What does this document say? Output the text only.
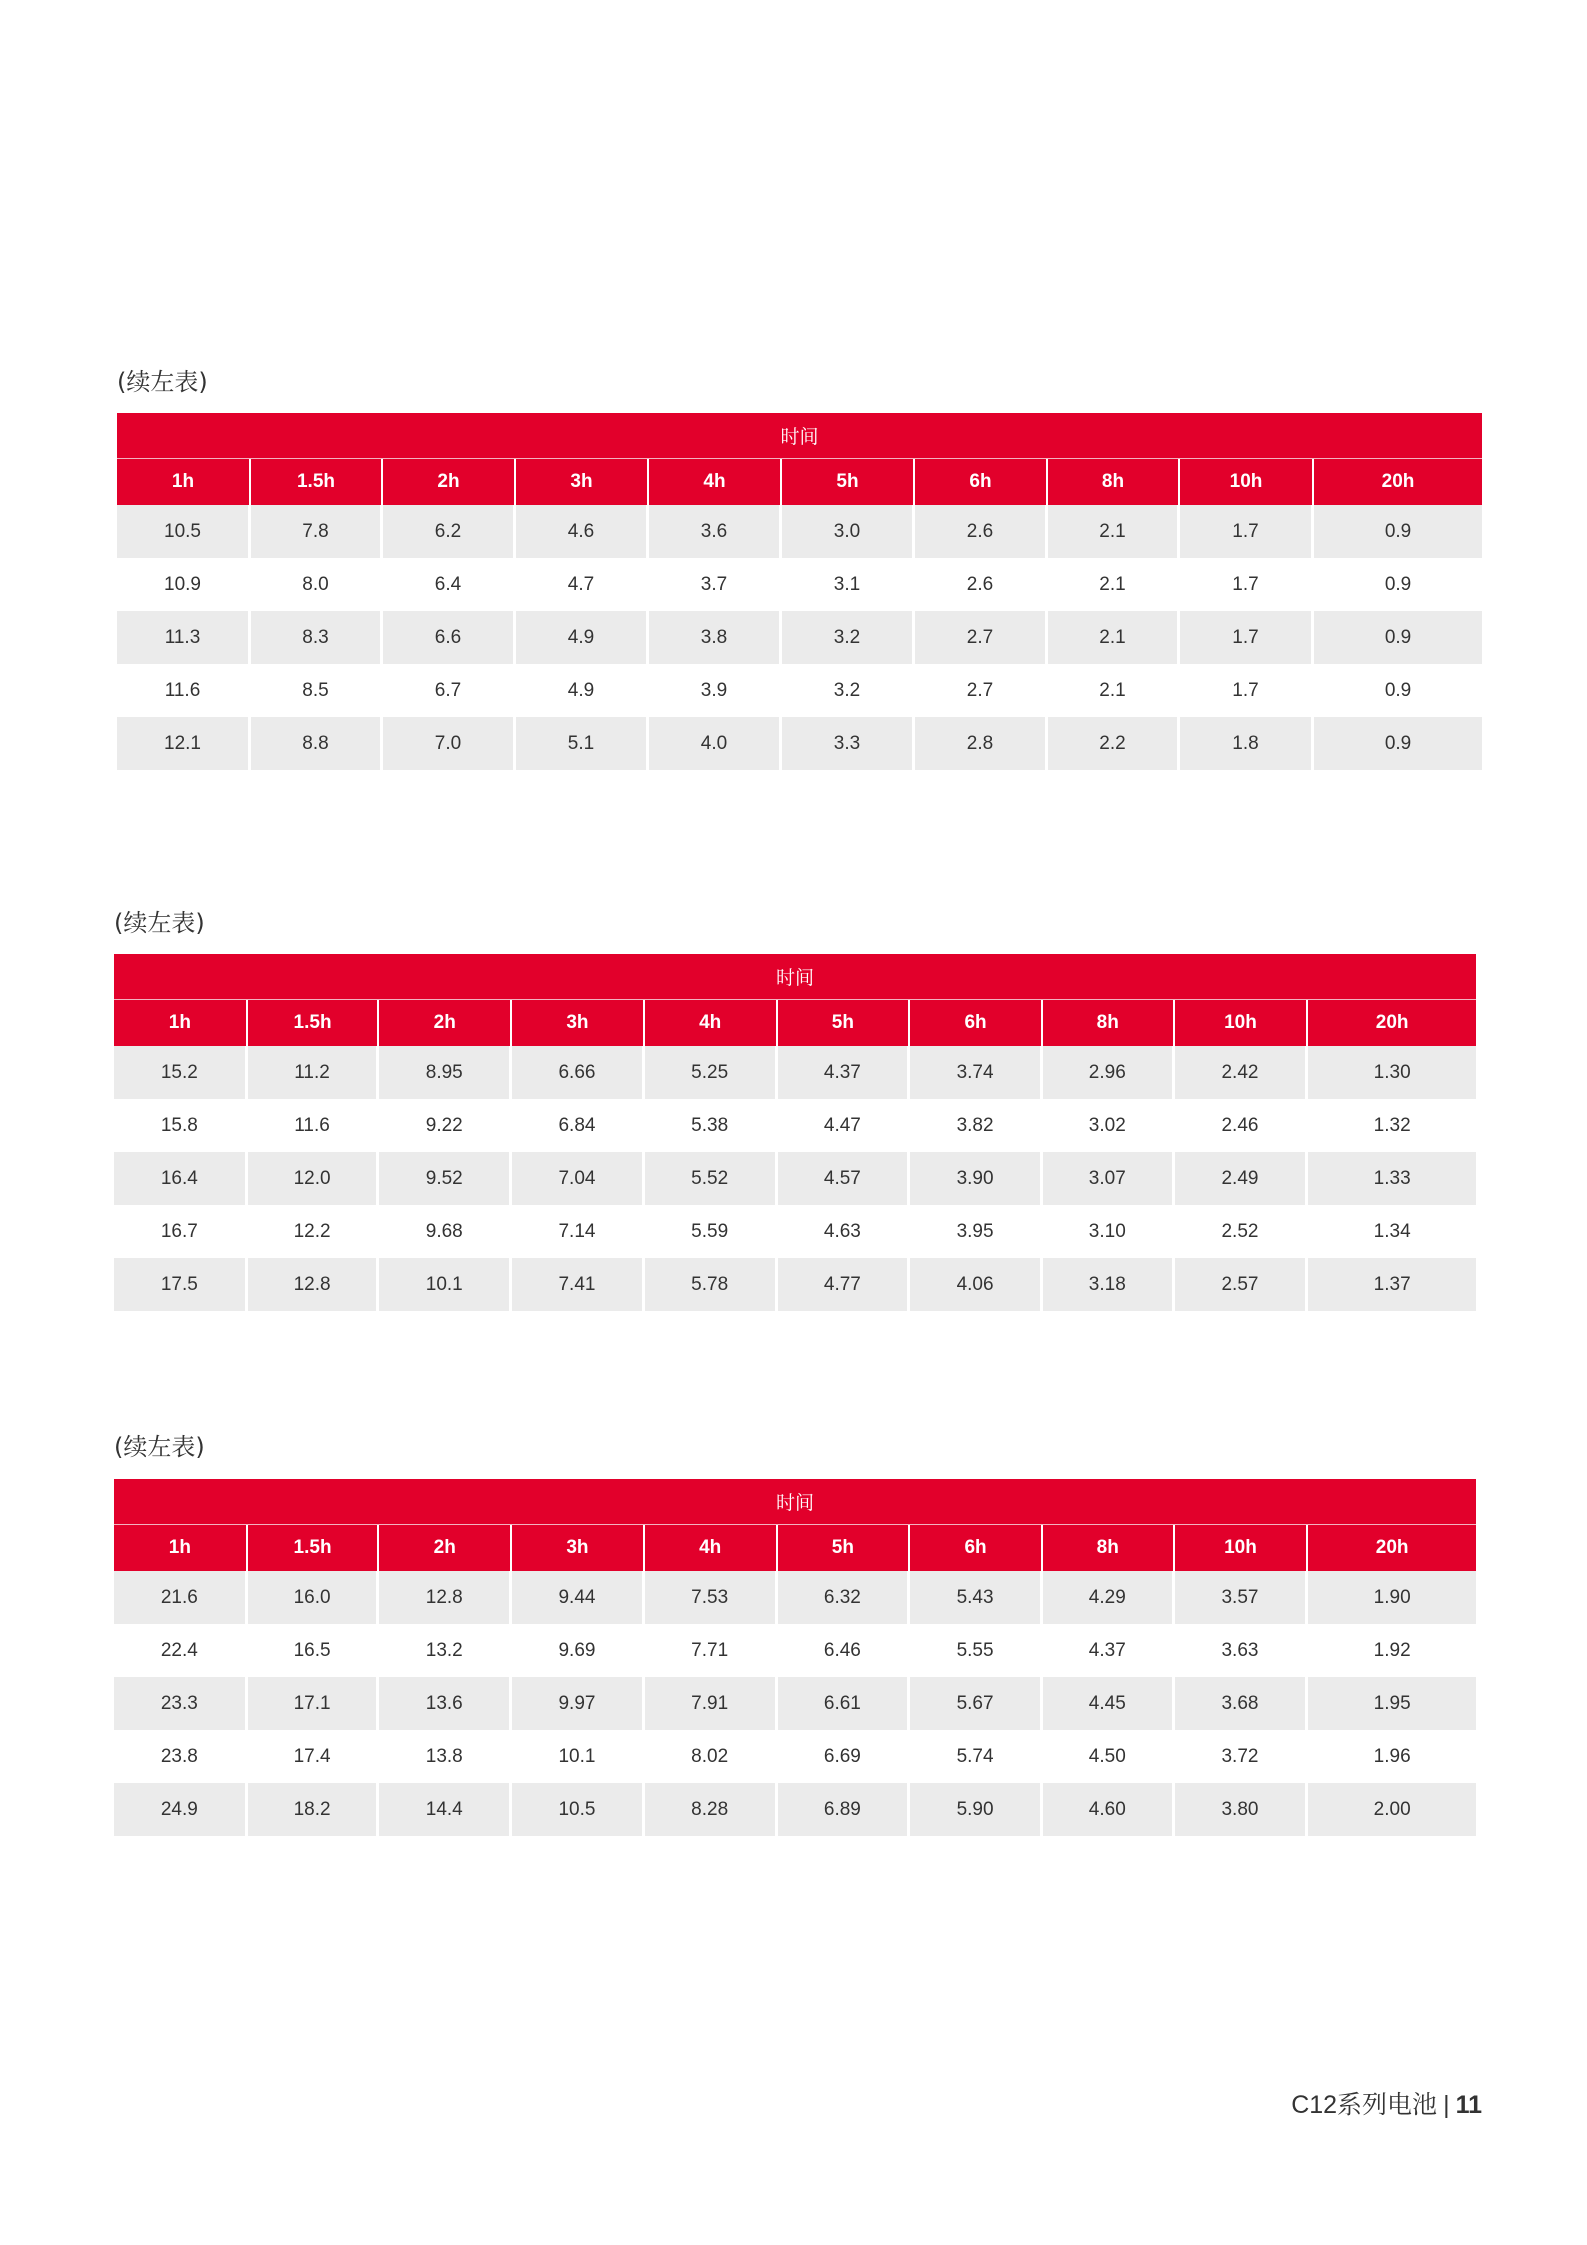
(续左表)
时间									
1h	1.5h	2h	3h	4h	5h	6h	8h	10h	20h
10.5	7.8	6.2	4.6	3.6	3.0	2.6	2.1	1.7	0.9
10.9	8.0	6.4	4.7	3.7	3.1	2.6	2.1	1.7	0.9
11.3	8.3	6.6	4.9	3.8	3.2	2.7	2.1	1.7	0.9
11.6	8.5	6.7	4.9	3.9	3.2	2.7	2.1	1.7	0.9
12.1	8.8	7.0	5.1	4.0	3.3	2.8	2.2	1.8	0.9
(续左表)
时间									
1h	1.5h	2h	3h	4h	5h	6h	8h	10h	20h
15.2	11.2	8.95	6.66	5.25	4.37	3.74	2.96	2.42	1.30
15.8	11.6	9.22	6.84	5.38	4.47	3.82	3.02	2.46	1.32
16.4	12.0	9.52	7.04	5.52	4.57	3.90	3.07	2.49	1.33
16.7	12.2	9.68	7.14	5.59	4.63	3.95	3.10	2.52	1.34
17.5	12.8	10.1	7.41	5.78	4.77	4.06	3.18	2.57	1.37
(续左表)
时间									
1h	1.5h	2h	3h	4h	5h	6h	8h	10h	20h
21.6	16.0	12.8	9.44	7.53	6.32	5.43	4.29	3.57	1.90
22.4	16.5	13.2	9.69	7.71	6.46	5.55	4.37	3.63	1.92
23.3	17.1	13.6	9.97	7.91	6.61	5.67	4.45	3.68	1.95
23.8	17.4	13.8	10.1	8.02	6.69	5.74	4.50	3.72	1.96
24.9	18.2	14.4	10.5	8.28	6.89	5.90	4.60	3.80	2.00
C12系列电池 | 11
